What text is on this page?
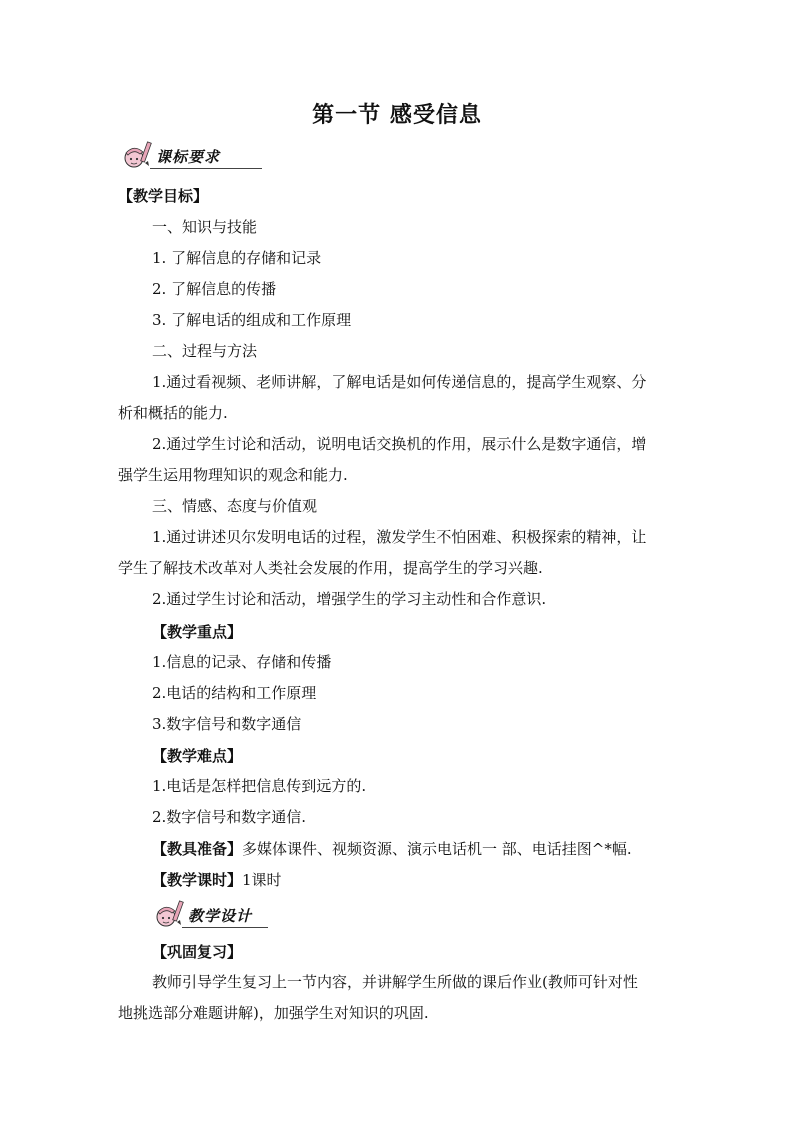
第一节 感受信息
课标要求
【教学目标】
一、知识与技能
1. 了解信息的存储和记录
2. 了解信息的传播
3. 了解电话的组成和工作原理
二、过程与方法
1.通过看视频、老师讲解，了解电话是如何传递信息的，提高学生观察、分
析和概括的能力.
2.通过学生讨论和活动，说明电话交换机的作用，展示什么是数字通信，增
强学生运用物理知识的观念和能力.
三、情感、态度与价值观
1.通过讲述贝尔发明电话的过程，激发学生不怕困难、积极探索的精神，让
学生了解技术改革对人类社会发展的作用，提高学生的学习兴趣.
2.通过学生讨论和活动，增强学生的学习主动性和合作意识.
【教学重点】
1.信息的记录、存储和传播
2.电话的结构和工作原理
3.数字信号和数字通信
【教学难点】
1.电话是怎样把信息传到远方的.
2.数字信号和数字通信.
【教具准备】多媒体课件、视频资源、演示电话机一 部、电话挂图^*幅.
【教学课时】1课时
教学设计
【巩固复习】
教师引导学生复习上一节内容，并讲解学生所做的课后作业(教师可针对性
地挑选部分难题讲解)，加强学生对知识的巩固.
